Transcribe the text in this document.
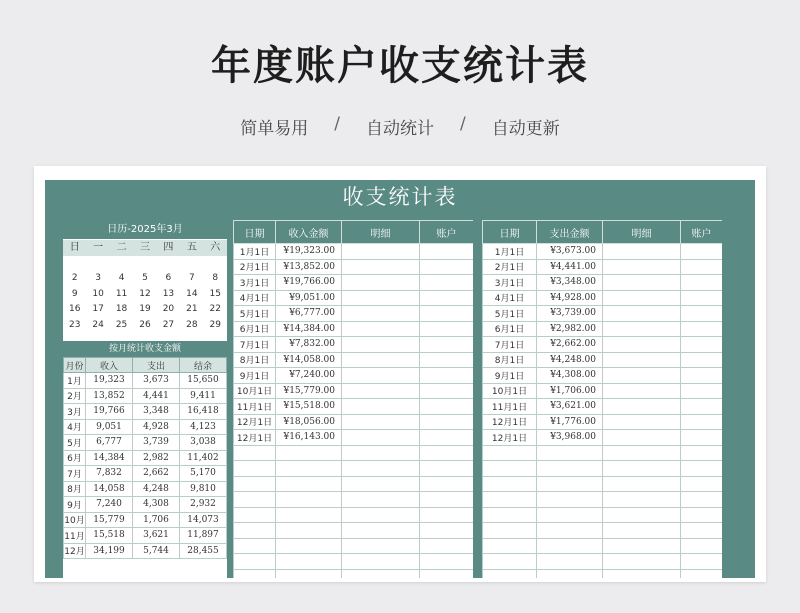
年度账户收支统计表
简单易用 / 自动统计 / 自动更新
收支统计表
日历-2025年3月
日	一	二	三	四	五	六
2	3	4	5	6	7	8
9	10	11	12	13	14	15
16	17	18	19	20	21	22
23	24	25	26	27	28	29
按月统计收支金额
月份	收入	支出	结余
1月	19,323	3,673	15,650
2月	13,852	4,441	9,411
3月	19,766	3,348	16,418
4月	9,051	4,928	4,123
5月	6,777	3,739	3,038
6月	14,384	2,982	11,402
7月	7,832	2,662	5,170
8月	14,058	4,248	9,810
9月	7,240	4,308	2,932
10月	15,779	1,706	14,073
11月	15,518	3,621	11,897
12月	34,199	5,744	28,455
日期	收入金额	明细	账户
1月1日	¥19,323.00		
2月1日	¥13,852.00		
3月1日	¥19,766.00		
4月1日	¥9,051.00		
5月1日	¥6,777.00		
6月1日	¥14,384.00		
7月1日	¥7,832.00		
8月1日	¥14,058.00		
9月1日	¥7,240.00		
10月1日	¥15,779.00		
11月1日	¥15,518.00		
12月1日	¥18,056.00		
12月1日	¥16,143.00		

日期	支出金额	明细	账户
1月1日	¥3,673.00		
2月1日	¥4,441.00		
3月1日	¥3,348.00		
4月1日	¥4,928.00		
5月1日	¥3,739.00		
6月1日	¥2,982.00		
7月1日	¥2,662.00		
8月1日	¥4,248.00		
9月1日	¥4,308.00		
10月1日	¥1,706.00		
11月1日	¥3,621.00		
12月1日	¥1,776.00		
12月1日	¥3,968.00		
